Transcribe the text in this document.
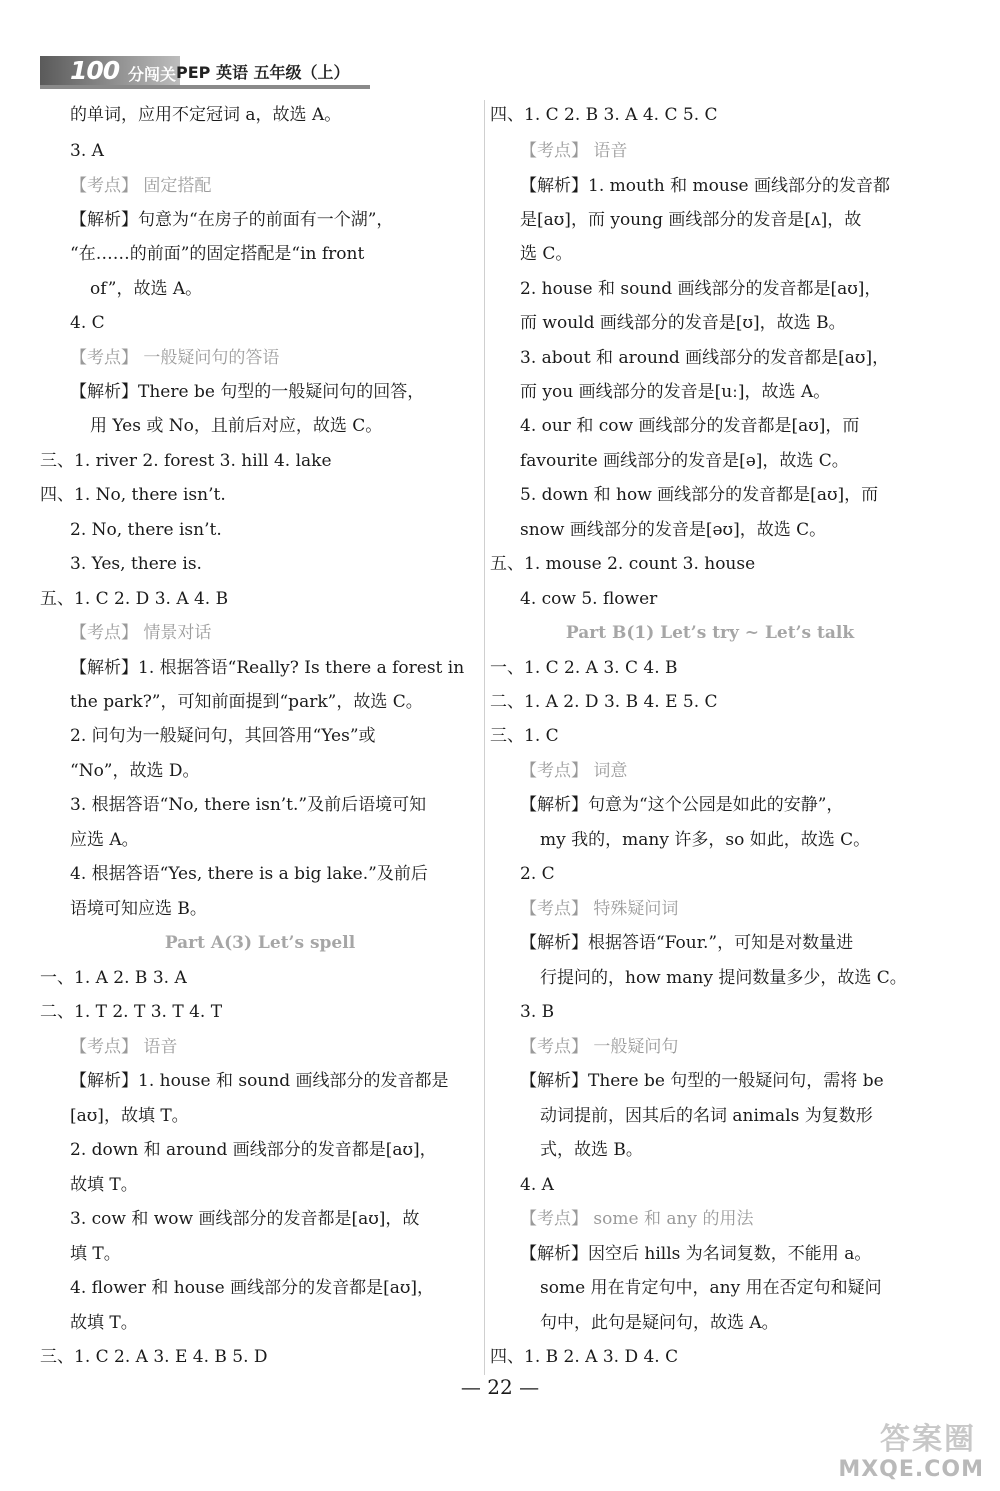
100 分闯关 PEP 英语 五年级（上）
的单词，应用不定冠词 a，故选 A。
3. A
【考点】 固定搭配
【解析】句意为“在房子的前面有一个湖”，
“在……的前面”的固定搭配是“in front
of”，故选 A。
4. C
【考点】 一般疑问句的答语
【解析】There be 句型的一般疑问句的回答，
用 Yes 或 No，且前后对应，故选 C。
三、1. river 2. forest 3. hill 4. lake
四、1. No, there isn’t.
2. No, there isn’t.
3. Yes, there is.
五、1. C 2. D 3. A 4. B
【考点】 情景对话
【解析】1. 根据答语“Really? Is there a forest in
the park?”，可知前面提到“park”，故选 C。
2. 问句为一般疑问句，其回答用“Yes”或
“No”，故选 D。
3. 根据答语“No, there isn’t.”及前后语境可知
应选 A。
4. 根据答语“Yes, there is a big lake.”及前后
语境可知应选 B。
Part A(3) Let’s spell
一、1. A 2. B 3. A
二、1. T 2. T 3. T 4. T
【考点】 语音
【解析】1. house 和 sound 画线部分的发音都是
[aʊ]，故填 T。
2. down 和 around 画线部分的发音都是[aʊ]，
故填 T。
3. cow 和 wow 画线部分的发音都是[aʊ]，故
填 T。
4. flower 和 house 画线部分的发音都是[aʊ]，
故填 T。
三、1. C 2. A 3. E 4. B 5. D
四、1. C 2. B 3. A 4. C 5. C
【考点】 语音
【解析】1. mouth 和 mouse 画线部分的发音都
是[aʊ]，而 young 画线部分的发音是[ʌ]，故
选 C。
2. house 和 sound 画线部分的发音都是[aʊ]，
而 would 画线部分的发音是[ʊ]，故选 B。
3. about 和 around 画线部分的发音都是[aʊ]，
而 you 画线部分的发音是[uː]，故选 A。
4. our 和 cow 画线部分的发音都是[aʊ]，而
favourite 画线部分的发音是[ə]，故选 C。
5. down 和 how 画线部分的发音都是[aʊ]，而
snow 画线部分的发音是[əʊ]，故选 C。
五、1. mouse 2. count 3. house
4. cow 5. flower
Part B(1) Let’s try ~ Let’s talk
一、1. C 2. A 3. C 4. B
二、1. A 2. D 3. B 4. E 5. C
三、1. C
【考点】 词意
【解析】句意为“这个公园是如此的安静”，
my 我的，many 许多，so 如此，故选 C。
2. C
【考点】 特殊疑问词
【解析】根据答语“Four.”，可知是对数量进
行提问的，how many 提问数量多少，故选 C。
3. B
【考点】 一般疑问句
【解析】There be 句型的一般疑问句，需将 be
动词提前，因其后的名词 animals 为复数形
式，故选 B。
4. A
【考点】 some 和 any 的用法
【解析】因空后 hills 为名词复数，不能用 a。
some 用在肯定句中，any 用在否定句和疑问
句中，此句是疑问句，故选 A。
四、1. B 2. A 3. D 4. C
— 22 —
答案圈
MXQE.COM
